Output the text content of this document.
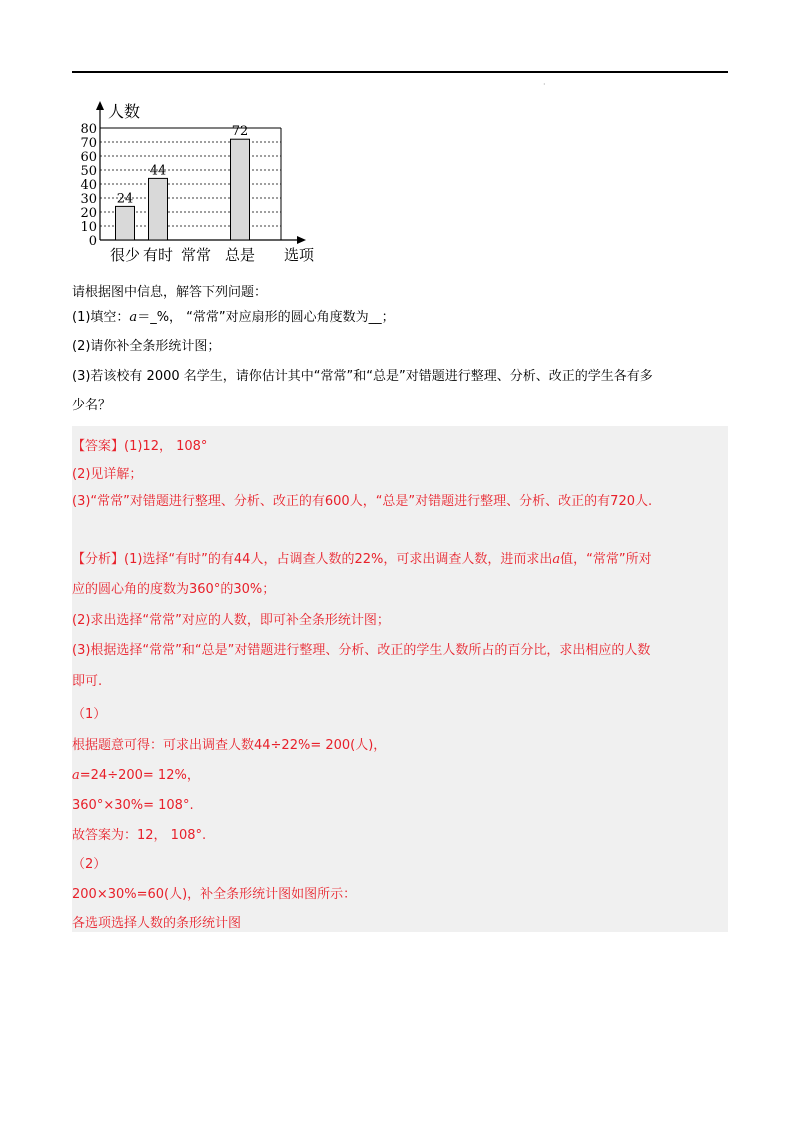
·
0
10
20
30
40
50
60
70
80
人数
选项
很少
24
有时
44
常常 总是
72
请根据图中信息，解答下列问题：
(1)填空：a＝_%， “常常”对应扇形的圆心角度数为__；
(2)请你补全条形统计图；
(3)若该校有 2000 名学生，请你估计其中“常常”和“总是”对错题进行整理、分析、改正的学生各有多
少名？
【答案】(1)12， 108°
(2)见详解；
(3)“常常”对错题进行整理、分析、改正的有600人，“总是”对错题进行整理、分析、改正的有720人.
【分析】(1)选择“有时”的有44人，占调查人数的22%，可求出调查人数，进而求出a值，“常常”所对
应的圆心角的度数为360°的30%；
(2)求出选择“常常”对应的人数，即可补全条形统计图；
(3)根据选择“常常”和“总是”对错题进行整理、分析、改正的学生人数所占的百分比，求出相应的人数
即可.
（1）
根据题意可得：可求出调查人数44÷22%= 200(人)，
a=24÷200= 12%，
360°×30%= 108°.
故答案为：12， 108°.
（2）
200×30%=60(人)，补全条形统计图如图所示：
各选项选择人数的条形统计图
